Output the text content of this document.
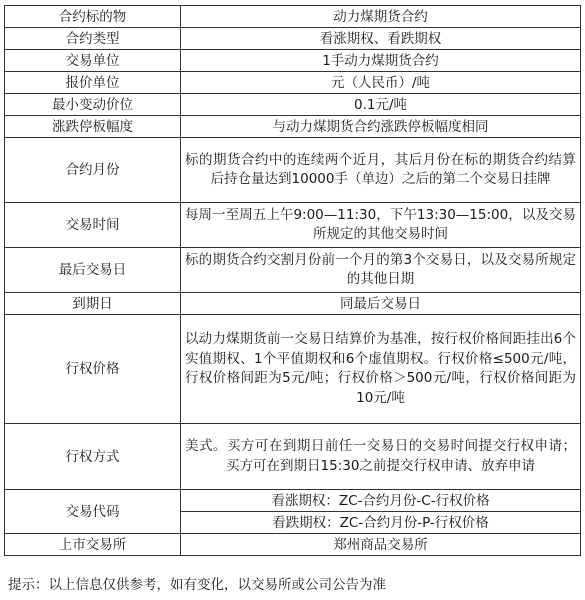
合约标的物	动力煤期货合约
合约类型	看涨期权、看跌期权
交易单位	1手动力煤期货合约
报价单位	元（人民币）/吨
最小变动价位	0.1元/吨
涨跌停板幅度	与动力煤期货合约涨跌停板幅度相同
合约月份	标的期货合约中的连续两个近月，其后月份在标的期货合约结算后持仓量达到10000手（单边）之后的第二个交易日挂牌
交易时间	每周一至周五上午9:00—11:30，下午13:30—15:00，以及交易所规定的其他交易时间
最后交易日	标的期货合约交割月份前一个月的第3个交易日，以及交易所规定的其他日期
到期日	同最后交易日
行权价格	以动力煤期货前一交易日结算价为基准，按行权价格间距挂出6个实值期权、1个平值期权和6个虚值期权。行权价格≤500元/吨，行权价格间距为5元/吨；行权价格＞500元/吨，行权价格间距为10元/吨
行权方式	美式。买方可在到期日前任一交易日的交易时间提交行权申请；买方可在到期日15:30之前提交行权申请、放弃申请
交易代码	看涨期权：ZC-合约月份-C-行权价格
	看跌期权：ZC-合约月份-P-行权价格
上市交易所	郑州商品交易所
提示：以上信息仅供参考，如有变化，以交易所或公司公告为准
